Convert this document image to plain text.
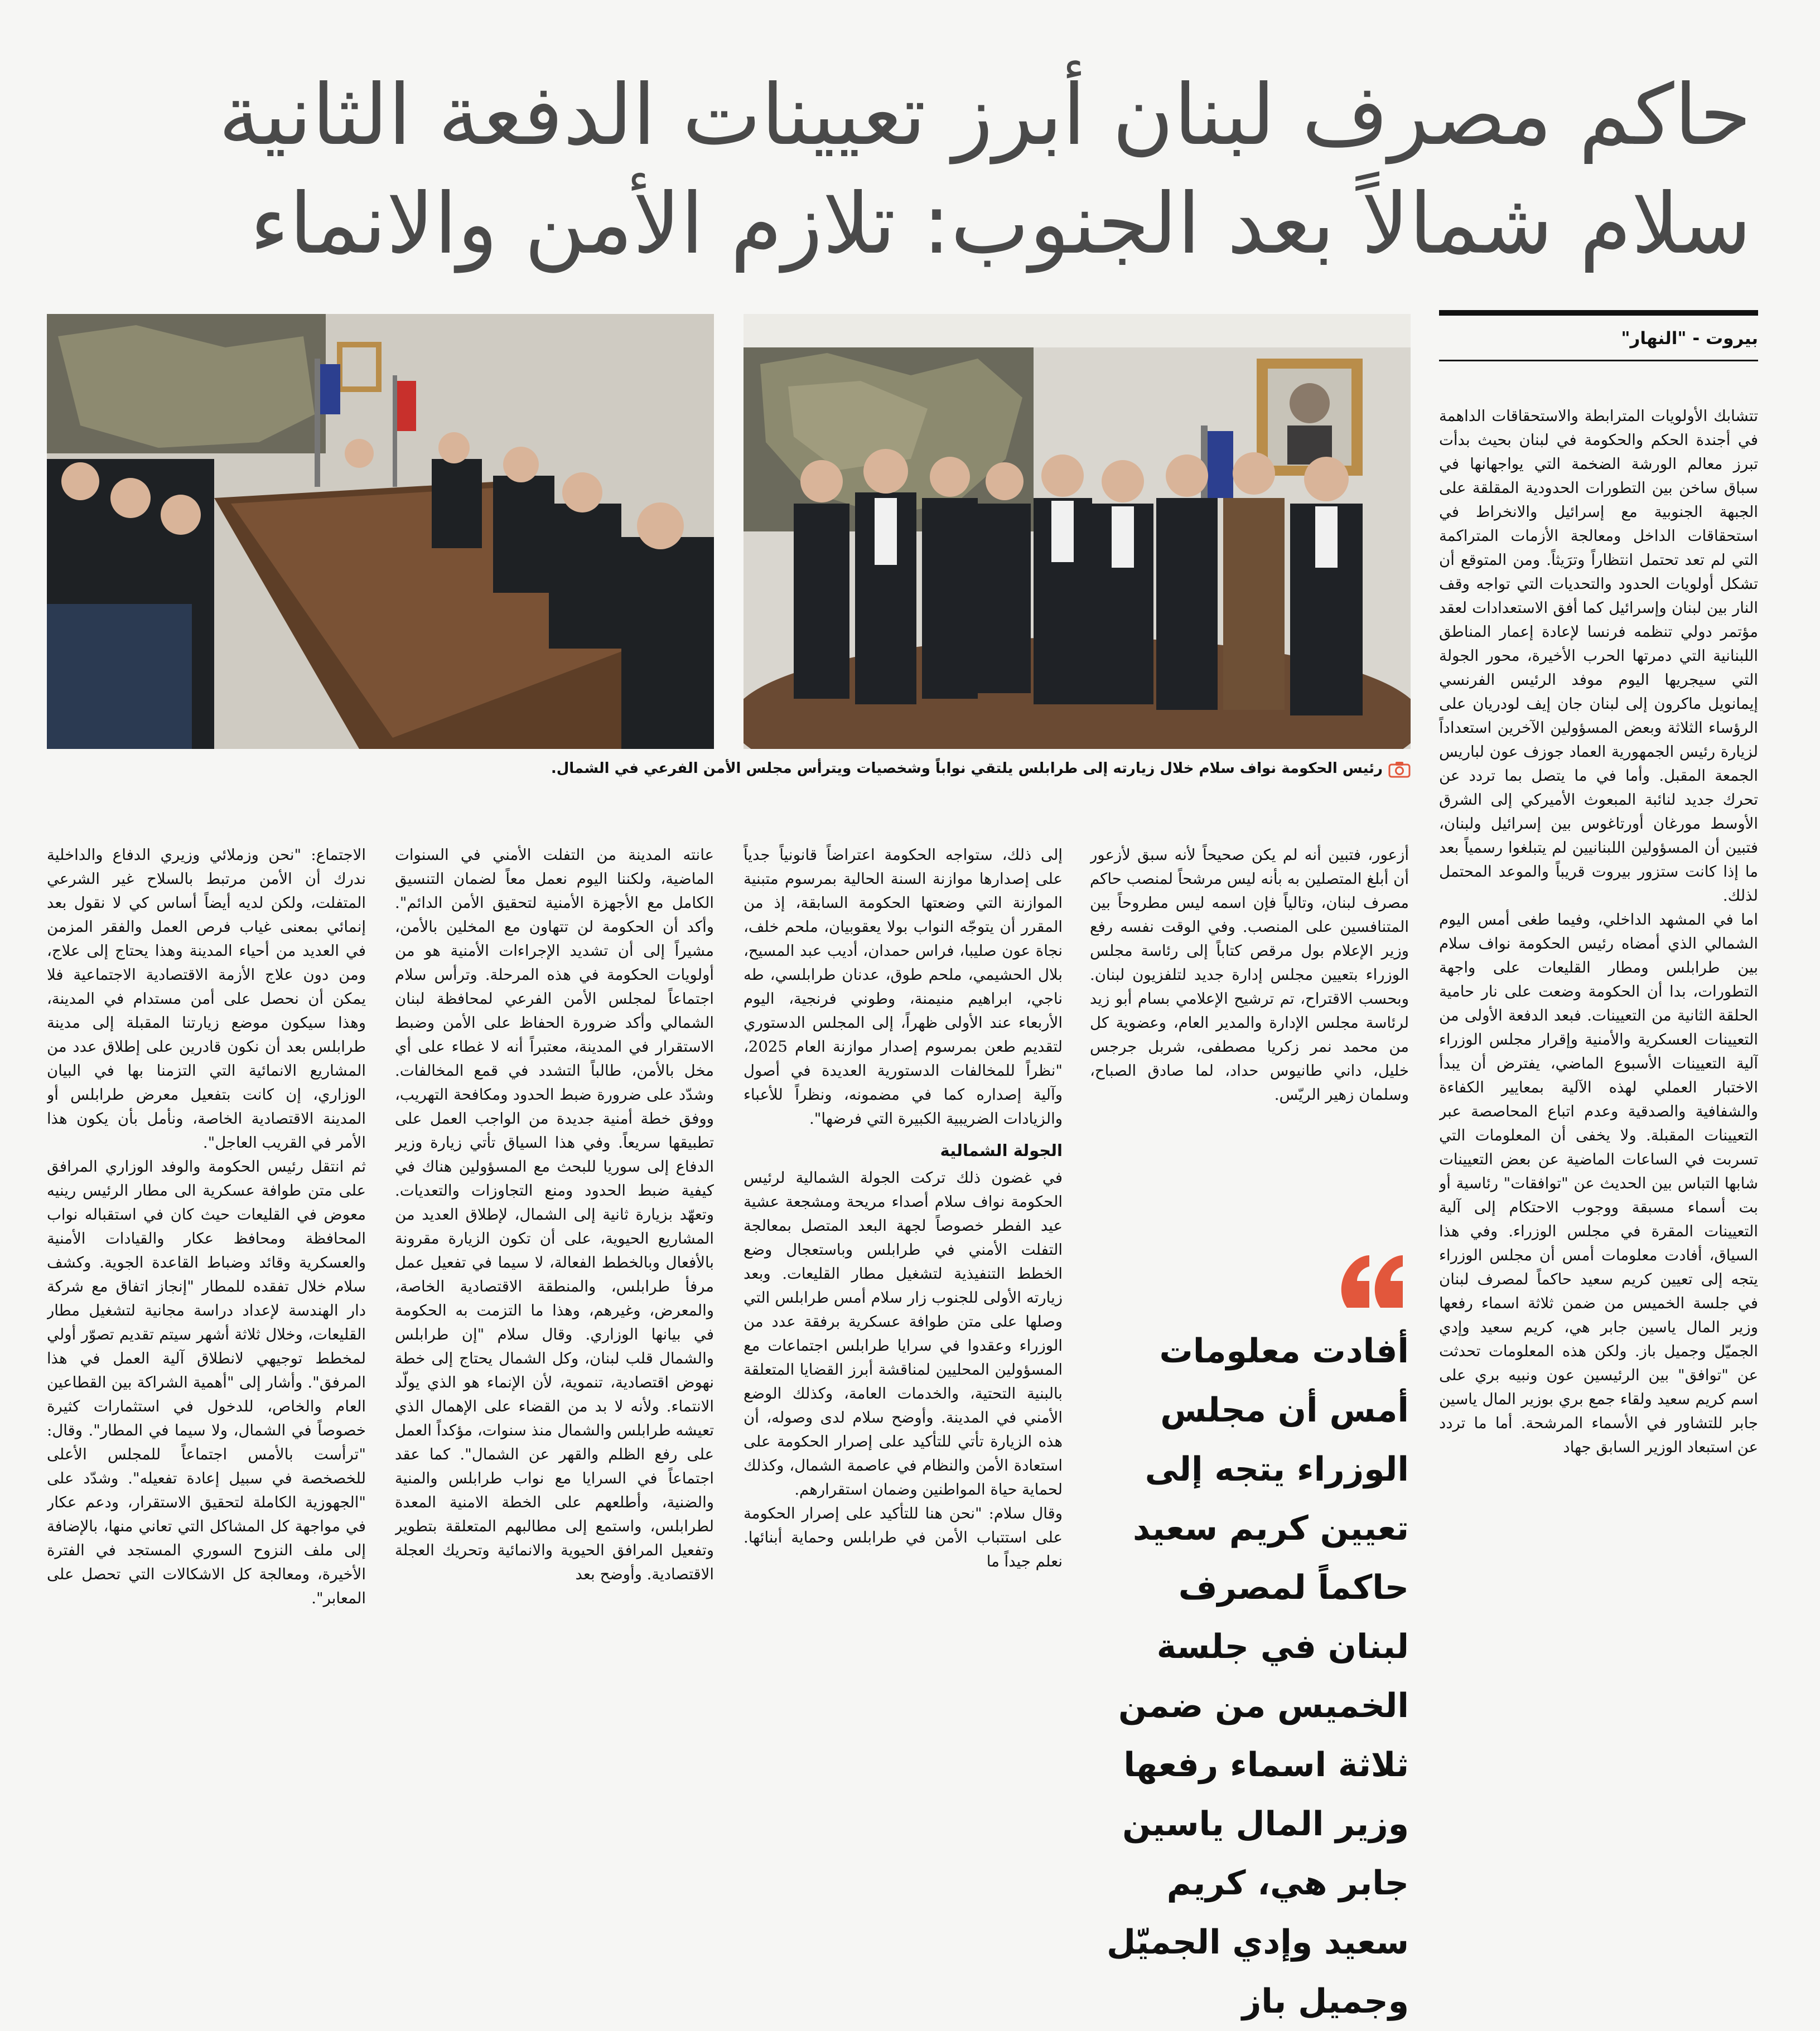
حاكم مصرف لبنان أبرز تعيينات الدفعة الثانية
سلام شمالاً بعد الجنوب: تلازم الأمن والانماء
بيروت - "النهار"
رئيس الحكومة نواف سلام خلال زيارته إلى طرابلس يلتقي نواباً وشخصيات ويترأس مجلس الأمن الفرعي في الشمال.

تتشابك الأولويات المترابطة والاستحقاقات الداهمة في أجندة الحكم والحكومة في لبنان بحيث بدأت تبرز معالم الورشة الضخمة التي يواجهانها في سباق ساخن بين التطورات الحدودية المقلقة على الجبهة الجنوبية مع إسرائيل والانخراط في استحقاقات الداخل ومعالجة الأزمات المتراكمة التي لم تعد تحتمل انتظاراً وترَيثاً. ومن المتوقع أن تشكل أولويات الحدود والتحديات التي تواجه وقف النار بين لبنان وإسرائيل كما أفق الاستعدادات لعقد مؤتمر دولي تنظمه فرنسا لإعادة إعمار المناطق اللبنانية التي دمرتها الحرب الأخيرة، محور الجولة التي سيجريها اليوم موفد الرئيس الفرنسي إيمانويل ماكرون إلى لبنان جان إيف لودريان على الرؤساء الثلاثة وبعض المسؤولين الآخرين استعداداً لزيارة رئيس الجمهورية العماد جوزف عون لباريس الجمعة المقبل. وأما في ما يتصل بما تردد عن تحرك جديد لنائبة المبعوث الأميركي إلى الشرق الأوسط مورغان أورتاغوس بين إسرائيل ولبنان، فتبين أن المسؤولين اللبنانيين لم يتبلغوا رسمياً بعد ما إذا كانت ستزور بيروت قريباً والموعد المحتمل لذلك.

اما في المشهد الداخلي، وفيما طغى أمس اليوم الشمالي الذي أمضاه رئيس الحكومة نواف سلام بين طرابلس ومطار القليعات على واجهة التطورات، بدا أن الحكومة وضعت على نار حامية الحلقة الثانية من التعيينات. فبعد الدفعة الأولى من التعيينات العسكرية والأمنية وإقرار مجلس الوزراء آلية التعيينات الأسبوع الماضي، يفترض أن يبدأ الاختبار العملي لهذه الآلية بمعايير الكفاءة والشفافية والصدقية وعدم اتباع المحاصصة عبر التعيينات المقبلة. ولا يخفى أن المعلومات التي تسربت في الساعات الماضية عن بعض التعيينات شابها التباس بين الحديث عن "توافقات" رئاسية أو بت أسماء مسبقة ووجوب الاحتكام إلى آلية التعيينات المقرة في مجلس الوزراء. وفي هذا السياق، أفادت معلومات أمس أن مجلس الوزراء يتجه إلى تعيين كريم سعيد حاكماً لمصرف لبنان في جلسة الخميس من ضمن ثلاثة اسماء رفعها وزير المال ياسين جابر هي، كريم سعيد وإدي الجميّل وجميل باز. ولكن هذه المعلومات تحدثت عن "توافق" بين الرئيسين عون ونبيه بري على اسم كريم سعيد ولقاء جمع بري بوزير المال ياسين جابر للتشاور في الأسماء المرشحة. أما ما تردد عن استبعاد الوزير السابق جهاد

أزعور، فتبين أنه لم يكن صحيحاً لأنه سبق لأزعور أن أبلغ المتصلين به بأنه ليس مرشحاً لمنصب حاكم مصرف لبنان، وتالياً فإن اسمه ليس مطروحاً بين المتنافسين على المنصب. وفي الوقت نفسه رفع وزير الإعلام بول مرقص كتاباً إلى رئاسة مجلس الوزراء بتعيين مجلس إدارة جديد لتلفزيون لبنان. وبحسب الاقتراح، تم ترشيح الإعلامي بسام أبو زيد لرئاسة مجلس الإدارة والمدير العام، وعضوية كل من محمد نمر زكريا مصطفى، شربل جرجس خليل، داني طانيوس حداد، لما صادق الصباح، وسلمان زهير الريّس.

أفادت معلومات أمس أن مجلس الوزراء يتجه إلى تعيين كريم سعيد حاكماً لمصرف لبنان في جلسة الخميس من ضمن ثلاثة اسماء رفعها وزير المال ياسين جابر هي، كريم سعيد وإدي الجميّل وجميل باز

إلى ذلك، ستواجه الحكومة اعتراضاً قانونياً جدياً على إصدارها موازنة السنة الحالية بمرسوم متبنية الموازنة التي وضعتها الحكومة السابقة، إذ من المقرر أن يتوجّه النواب بولا يعقوبيان، ملحم خلف، نجاة عون صليبا، فراس حمدان، أديب عبد المسيح، بلال الحشيمي، ملحم طوق، عدنان طرابلسي، طه ناجي، ابراهيم منيمنة، وطوني فرنجية، اليوم الأربعاء عند الأولى ظهراً، إلى المجلس الدستوري لتقديم طعن بمرسوم إصدار موازنة العام 2025، "نظراً للمخالفات الدستورية العديدة في أصول وآلية إصداره كما في مضمونه، ونظراً للأعباء والزيادات الضريبية الكبيرة التي فرضها".

الجولة الشمالية

في غضون ذلك تركت الجولة الشمالية لرئيس الحكومة نواف سلام أصداء مريحة ومشجعة عشية عيد الفطر خصوصاً لجهة البعد المتصل بمعالجة التفلت الأمني في طرابلس وباستعجال وضع الخطط التنفيذية لتشغيل مطار القليعات. وبعد زيارته الأولى للجنوب زار سلام أمس طرابلس التي وصلها على متن طوافة عسكرية برفقة عدد من الوزراء وعقدوا في سرايا طرابلس اجتماعات مع المسؤولين المحليين لمناقشة أبرز القضايا المتعلقة بالبنية التحتية، والخدمات العامة، وكذلك الوضع الأمني في المدينة. وأوضح سلام لدى وصوله، أن هذه الزيارة تأتي للتأكيد على إصرار الحكومة على استعادة الأمن والنظام في عاصمة الشمال، وكذلك لحماية حياة المواطنين وضمان استقرارهم.

وقال سلام: "نحن هنا للتأكيد على إصرار الحكومة على استتباب الأمن في طرابلس وحماية أبنائها. نعلم جيداً ما

عانته المدينة من التفلت الأمني في السنوات الماضية، ولكننا اليوم نعمل معاً لضمان التنسيق الكامل مع الأجهزة الأمنية لتحقيق الأمن الدائم". وأكد أن الحكومة لن تتهاون مع المخلين بالأمن، مشيراً إلى أن تشديد الإجراءات الأمنية هو من أولويات الحكومة في هذه المرحلة. وترأس سلام اجتماعاً لمجلس الأمن الفرعي لمحافظة لبنان الشمالي وأكد ضرورة الحفاظ على الأمن وضبط الاستقرار في المدينة، معتبراً أنه لا غطاء على أي مخل بالأمن، طالباً التشدد في قمع المخالفات. وشدّد على ضرورة ضبط الحدود ومكافحة التهريب، ووفق خطة أمنية جديدة من الواجب العمل على تطبيقها سريعاً. وفي هذا السياق تأتي زيارة وزير الدفاع إلى سوريا للبحث مع المسؤولين هناك في كيفية ضبط الحدود ومنع التجاوزات والتعديات. وتعهّد بزيارة ثانية إلى الشمال، لإطلاق العديد من المشاريع الحيوية، على أن تكون الزيارة مقرونة بالأفعال وبالخطط الفعالة، لا سيما في تفعيل عمل مرفأ طرابلس، والمنطقة الاقتصادية الخاصة، والمعرض، وغيرهم، وهذا ما التزمت به الحكومة في بيانها الوزاري. وقال سلام "إن طرابلس والشمال قلب لبنان، وكل الشمال يحتاج إلى خطة نهوض اقتصادية، تنموية، لأن الإنماء هو الذي يولّد الانتماء. ولأنه لا بد من القضاء على الإهمال الذي تعيشه طرابلس والشمال منذ سنوات، مؤكداً العمل على رفع الظلم والقهر عن الشمال". كما عقد اجتماعاً في السرايا مع نواب طرابلس والمنية والضنية، وأطلعهم على الخطة الامنية المعدة لطرابلس، واستمع إلى مطالبهم المتعلقة بتطوير وتفعيل المرافق الحيوية والانمائية وتحريك العجلة الاقتصادية. وأوضح بعد

الاجتماع: "نحن وزملائي وزيري الدفاع والداخلية ندرك أن الأمن مرتبط بالسلاح غير الشرعي المتفلت، ولكن لديه أيضاً أساس كي لا نقول بعد إنمائي بمعنى غياب فرص العمل والفقر المزمن في العديد من أحياء المدينة وهذا يحتاج إلى علاج، ومن دون علاج الأزمة الاقتصادية الاجتماعية فلا يمكن أن نحصل على أمن مستدام في المدينة، وهذا سيكون موضع زيارتنا المقبلة إلى مدينة طرابلس بعد أن نكون قادرين على إطلاق عدد من المشاريع الانمائية التي التزمنا بها في البيان الوزاري، إن كانت بتفعيل معرض طرابلس أو المدينة الاقتصادية الخاصة، ونأمل بأن يكون هذا الأمر في القريب العاجل".

ثم انتقل رئيس الحكومة والوفد الوزاري المرافق على متن طوافة عسكرية الى مطار الرئيس رينيه معوض في القليعات حيث كان في استقباله نواب المحافظة ومحافظ عكار والقيادات الأمنية والعسكرية وقائد وضباط القاعدة الجوية. وكشف سلام خلال تفقده للمطار "إنجاز اتفاق مع شركة دار الهندسة لإعداد دراسة مجانية لتشغيل مطار القليعات، وخلال ثلاثة أشهر سيتم تقديم تصوّر أولي لمخطط توجيهي لانطلاق آلية العمل في هذا المرفق". وأشار إلى "أهمية الشراكة بين القطاعين العام والخاص، للدخول في استثمارات كثيرة خصوصاً في الشمال، ولا سيما في المطار". وقال: "ترأست بالأمس اجتماعاً للمجلس الأعلى للخصخصة في سبيل إعادة تفعيله". وشدّد على "الجهوزية الكاملة لتحقيق الاستقرار، ودعم عكار في مواجهة كل المشاكل التي تعاني منها، بالإضافة إلى ملف النزوح السوري المستجد في الفترة الأخيرة، ومعالجة كل الاشكالات التي تحصل على المعابر".
